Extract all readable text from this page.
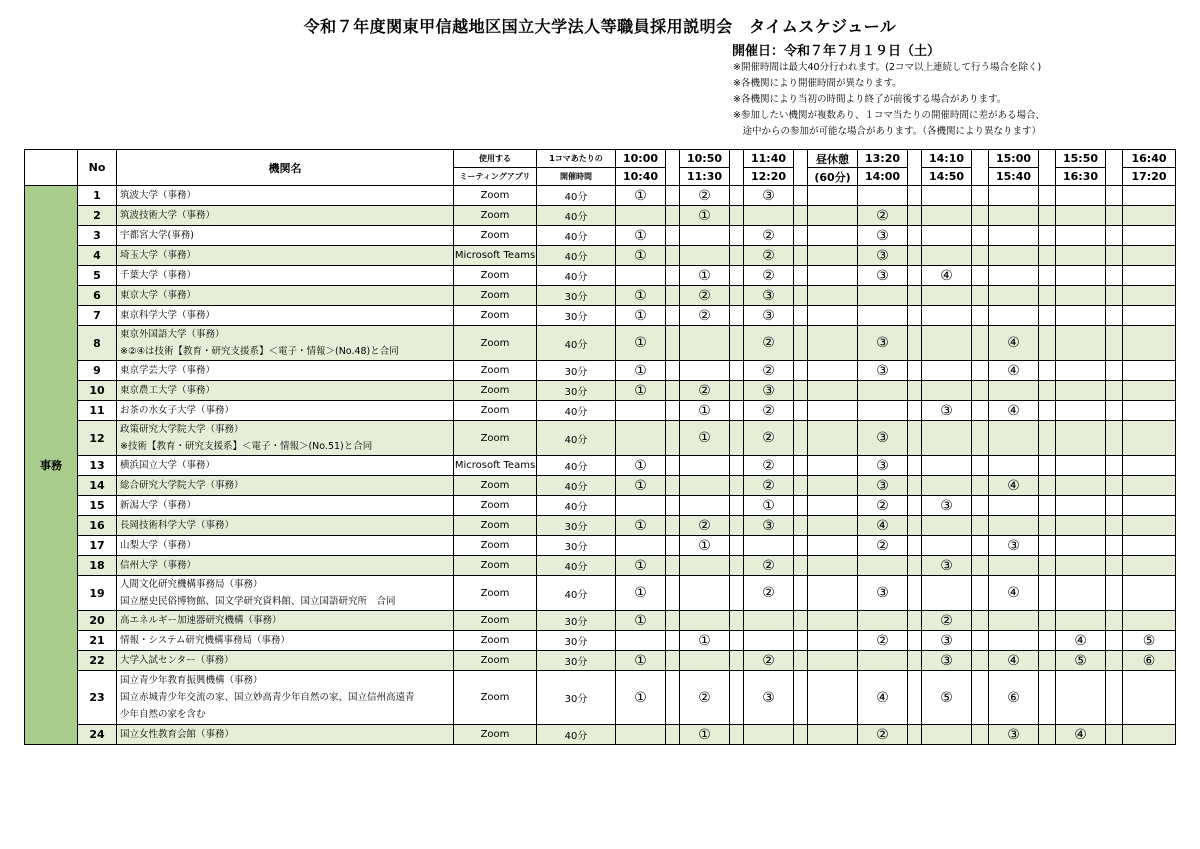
令和７年度関東甲信越地区国立大学法人等職員採用説明会　タイムスケジュール
開催日：令和７年７月１９日（土）
※開催時間は最大40分行われます。(2コマ以上連続して行う場合を除く)
※各機関により開催時間が異なります。
※各機関により当初の時間より終了が前後する場合があります。
※参加したい機関が複数あり、１コマ当たりの開催時間に差がある場合、
　途中からの参加が可能な場合があります。（各機関により異なります）
	No	機関名	使用する	1コマあたりの	10:00		10:50		11:40		昼休憩	13:20		14:10		15:00		15:50		16:40
			ミーティングアプリ	開催時間	10:40		11:30		12:20		(60分)	14:00		14:50		15:40		16:30		17:20
事務	1	筑波大学（事務）	Zoom	40分	①		②		③											
	2	筑波技術大学（事務）	Zoom	40分			①					②								
	3	宇都宮大学(事務)	Zoom	40分	①				②			③								
	4	埼玉大学（事務）	Microsoft Teams	40分	①				②			③								
	5	千葉大学（事務）	Zoom	40分			①		②			③		④						
	6	東京大学（事務）	Zoom	30分	①		②		③											
	7	東京科学大学（事務）	Zoom	30分	①		②		③											
	8	東京外国語大学（事務）
※②④は技術【教育・研究支援系】＜電子・情報＞(No.48)と合同	Zoom	40分	①				②			③				④				
	9	東京学芸大学（事務）	Zoom	30分	①				②			③				④				
	10	東京農工大学（事務）	Zoom	30分	①		②		③											
	11	お茶の水女子大学（事務）	Zoom	40分			①		②					③		④				
	12	政策研究大学院大学（事務）
※技術【教育・研究支援系】＜電子・情報＞(No.51)と合同	Zoom	40分			①		②			③								
	13	横浜国立大学（事務）	Microsoft Teams	40分	①				②			③								
	14	総合研究大学院大学（事務）	Zoom	40分	①				②			③				④				
	15	新潟大学（事務）	Zoom	40分					①			②		③						
	16	長岡技術科学大学（事務）	Zoom	30分	①		②		③			④								
	17	山梨大学（事務）	Zoom	30分			①					②				③				
	18	信州大学（事務）	Zoom	40分	①				②					③						
	19	人間文化研究機構事務局（事務）
国立歴史民俗博物館、国文学研究資料館、国立国語研究所　合同	Zoom	40分	①				②			③				④				
	20	高エネルギー加速器研究機構（事務）	Zoom	30分	①									②						
	21	情報・システム研究機構事務局（事務）	Zoom	30分			①					②		③				④		⑤
	22	大学入試センター（事務）	Zoom	30分	①				②					③		④		⑤		⑥
	23	国立青少年教育振興機構（事務）
国立赤城青少年交流の家、国立妙高青少年自然の家、国立信州高遠青
少年自然の家を含む	Zoom	30分	①		②		③			④		⑤		⑥				
	24	国立女性教育会館（事務）	Zoom	40分			①					②				③		④		
